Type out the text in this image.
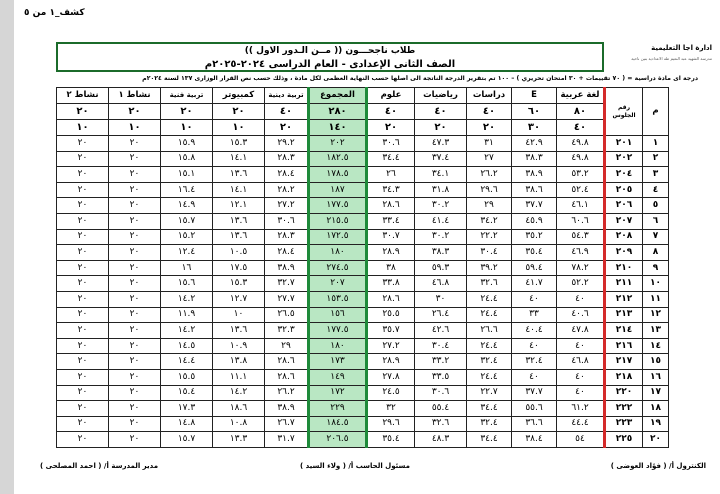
كشف_١ من ٥
ادارة اجا التعليمية
مدرسة الشهيد عبد النعيم طه الاعدادية بنين ناحية
طلاب ناجحـــون (( مــن الـدور الاول ))
الصف الثانى الإعدادى - العام الدراسى ٢٠٢٤-٢٠٢٥م
درجة اى مادة دراسية = ( ٧٠ تقييمات + ٣٠ امتحان تحريري ) – ١٠٠ تم بتقرير الدرجة الناتجة الى أصلها حسب النهاية العظمى لكل مادة ، وذلك حسب نص القرار الوزارى ١٣٧ لسنة ٢٠٢٤م
م	رقم الجلوس	لغة عربية	E	دراسات	رياضيات	علوم	المجموع	تربية دينية	كمبيوتر	تربية فنية	نشاط ١	نشاط ٢
		٨٠	٦٠	٤٠	٤٠	٤٠	٢٨٠	٤٠	٢٠	٢٠	٢٠	٢٠
		٤٠	٣٠	٢٠	٢٠	٢٠	١٤٠	٢٠	١٠	١٠	١٠	١٠
١	٢٠١	٤٩.٨	٤٢.٩	٣١	٤٧.٣	٣٠.٦	٢٠٢	٢٩.٢	١٥.٣	١٥.٩	٢٠	٢٠
٢	٢٠٢	٤٩.٨	٣٨.٣	٢٧	٣٧.٤	٣٤.٤	١٨٢.٥	٢٨.٣	١٤.١	١٥.٨	٢٠	٢٠
٣	٢٠٤	٥٣.٢	٣٨.٩	٢٦.٢	٣٤.١	٢٦	١٧٨.٥	٢٨.٤	١٣.٦	١٥.١	٢٠	٢٠
٤	٢٠٥	٥٢.٤	٣٨.٦	٢٩.٦	٣١.٨	٣٤.٣	١٨٧	٢٨.٢	١٤.١	١٦.٤	٢٠	٢٠
٥	٢٠٦	٤٦.١	٣٧.٧	٢٩	٣٠.٢	٢٨.٦	١٧٧.٥	٢٧.٢	١٢.١	١٤.٩	٢٠	٢٠
٦	٢٠٧	٦٠.٦	٤٥.٩	٣٤.٢	٤١.٤	٣٣.٤	٢١٥.٥	٣٠.٦	١٣.٦	١٥.٧	٢٠	٢٠
٧	٢٠٨	٥٤.٣	٣٥.٢	٢٢.٢	٣٠.٢	٣٠.٧	١٧٢.٥	٢٨.٣	١٣.٦	١٥.٢	٢٠	٢٠
٨	٢٠٩	٤٦.٩	٣٥.٤	٣٠.٤	٣٨.٣	٢٨.٩	١٨٠	٢٨.٤	١٠.٥	١٢.٤	٢٠	٢٠
٩	٢١٠	٧٨.٢	٥٩.٤	٣٩.٢	٥٩.٣	٣٨	٢٧٤.٥	٣٨.٩	١٧.٥	١٦	٢٠	٢٠
١٠	٢١١	٥٢.٢	٤١.٧	٣٢.٦	٤٦.٨	٣٣.٨	٢٠٧	٣٢.٧	١٥.٣	١٥.٦	٢٠	٢٠
١١	٢١٢	٤٠	٤٠	٢٤.٤	٣٠	٢٨.٦	١٥٣.٥	٢٧.٧	١٢.٧	١٤.٢	٢٠	٢٠
١٢	٢١٣	٤٠.٦	٣٣	٢٤.٤	٢٦.٤	٢٥.٥	١٥٦	٢٦.٥	١٠	١١.٩	٢٠	٢٠
١٣	٢١٤	٤٧.٨	٤٠.٤	٢٦.٦	٤٢.٦	٣٥.٧	١٧٧.٥	٣٢.٣	١٣.٦	١٤.٢	٢٠	٢٠
١٤	٢١٦	٤٠	٤٠	٢٤.٤	٣٠.٤	٢٧.٢	١٨٠	٢٩	١٠.٩	١٤.٥	٢٠	٢٠
١٥	٢١٧	٤٦.٨	٣٢.٤	٣٢.٤	٣٣.٢	٢٨.٩	١٧٣	٢٨.٦	١٣.٨	١٤.٤	٢٠	٢٠
١٦	٢١٨	٤٠	٤٠	٢٤.٤	٣٣.٥	٢٧.٨	١٤٩	٢٨.٦	١١.١	١٥.٥	٢٠	٢٠
١٧	٢٢٠	٤٠	٣٧.٧	٢٢.٧	٣٠.٦	٢٤.٥	١٧٢	٢٦.٢	١٤.٢	١٥.٤	٢٠	٢٠
١٨	٢٢٢	٦١.٢	٥٥.٦	٣٤.٤	٥٥.٤	٣٢	٢٢٩	٣٨.٩	١٨.٦	١٧.٣	٢٠	٢٠
١٩	٢٢٣	٤٤.٤	٣٦.٦	٣٢.٤	٣٢.٦	٢٩.٦	١٨٤.٥	٢٦.٧	١٠.٨	١٤.٨	٢٠	٢٠
٢٠	٢٢٥	٥٤	٣٨.٤	٣٤.٤	٤٨.٣	٣٥.٤	٢٠٦.٥	٣١.٧	١٣.٣	١٥.٧	٢٠	٢٠
الكنترول أ/ ( فؤاد العوضى )
مسئول الحاسب أ/ ( ولاء السيد )
مدير المدرسة أ/ ( احمد المصلحى )
